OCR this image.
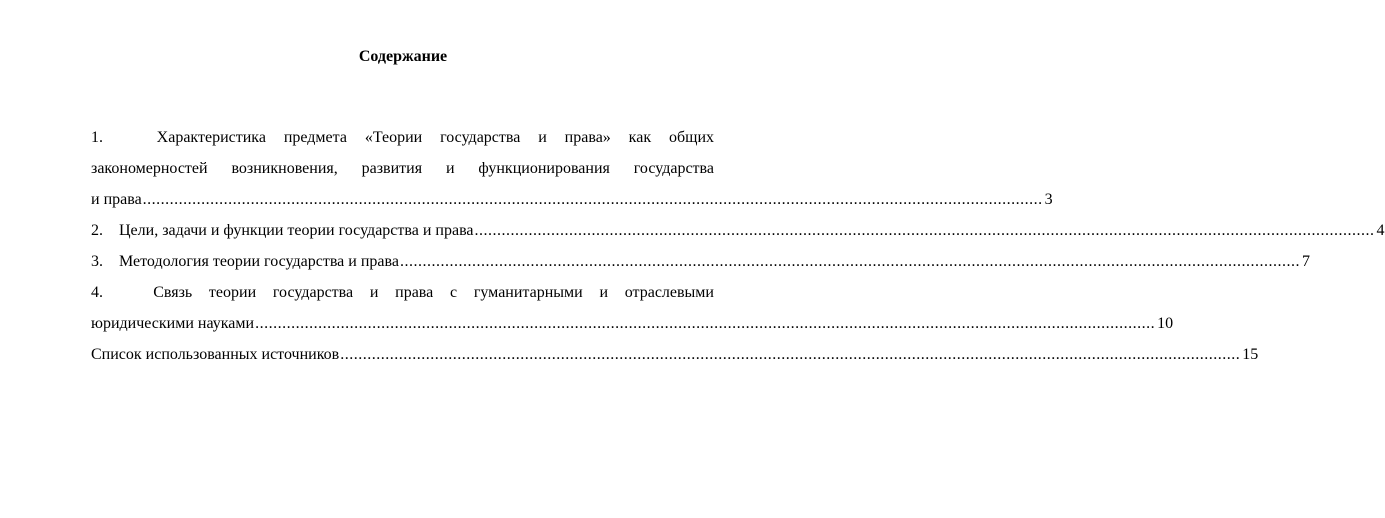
Содержание

1.	Характеристика предмета «Теории государства и права» как общих

закономерностей возникновения, развития и функционирования государства

и права ........................................................................................................................................................................................................ 3
2. Цели, задачи и функции теории государства и права ........................................................................................................................................................................................................ 4
3. Методология теории государства и права ........................................................................................................................................................................................................ 7

4.	Связь теории государства и права с гуманитарными и отраслевыми

юридическими науками ........................................................................................................................................................................................................ 10
Список использованных источников ........................................................................................................................................................................................................ 15
